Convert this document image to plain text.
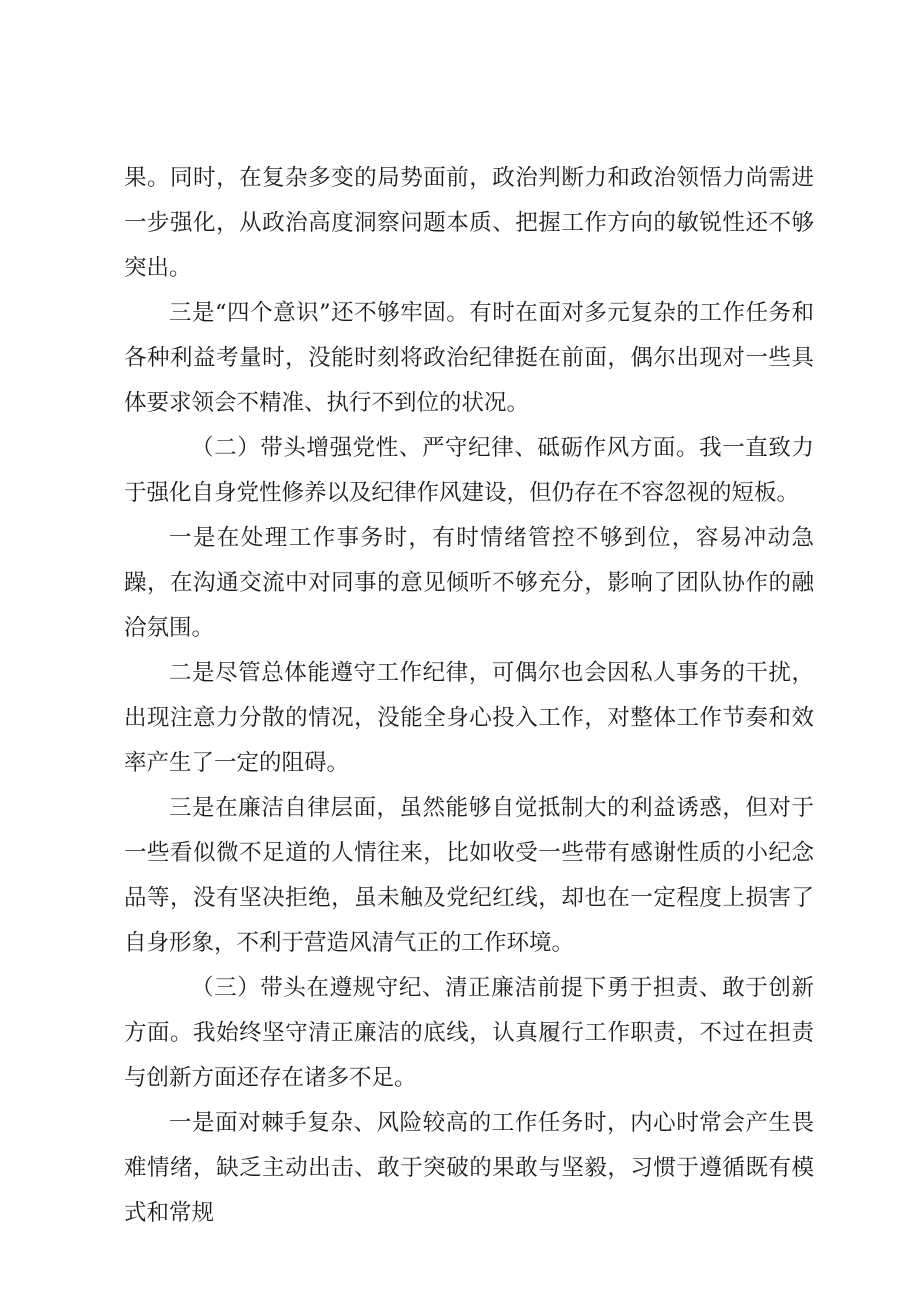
果。同时，在复杂多变的局势面前，政治判断力和政治领悟力尚需进一步强化，从政治高度洞察问题本质、把握工作方向的敏锐性还不够突出。

三是“四个意识”还不够牢固。有时在面对多元复杂的工作任务和各种利益考量时，没能时刻将政治纪律挺在前面，偶尔出现对一些具体要求领会不精准、执行不到位的状况。

（二）带头增强党性、严守纪律、砥砺作风方面。我一直致力于强化自身党性修养以及纪律作风建设，但仍存在不容忽视的短板。

一是在处理工作事务时，有时情绪管控不够到位，容易冲动急躁，在沟通交流中对同事的意见倾听不够充分，影响了团队协作的融洽氛围。

二是尽管总体能遵守工作纪律，可偶尔也会因私人事务的干扰，出现注意力分散的情况，没能全身心投入工作，对整体工作节奏和效率产生了一定的阻碍。

三是在廉洁自律层面，虽然能够自觉抵制大的利益诱惑，但对于一些看似微不足道的人情往来，比如收受一些带有感谢性质的小纪念品等，没有坚决拒绝，虽未触及党纪红线，却也在一定程度上损害了自身形象，不利于营造风清气正的工作环境。

（三）带头在遵规守纪、清正廉洁前提下勇于担责、敢于创新方面。我始终坚守清正廉洁的底线，认真履行工作职责，不过在担责与创新方面还存在诸多不足。

一是面对棘手复杂、风险较高的工作任务时，内心时常会产生畏难情绪，缺乏主动出击、敢于突破的果敢与坚毅，习惯于遵循既有模式和常规
